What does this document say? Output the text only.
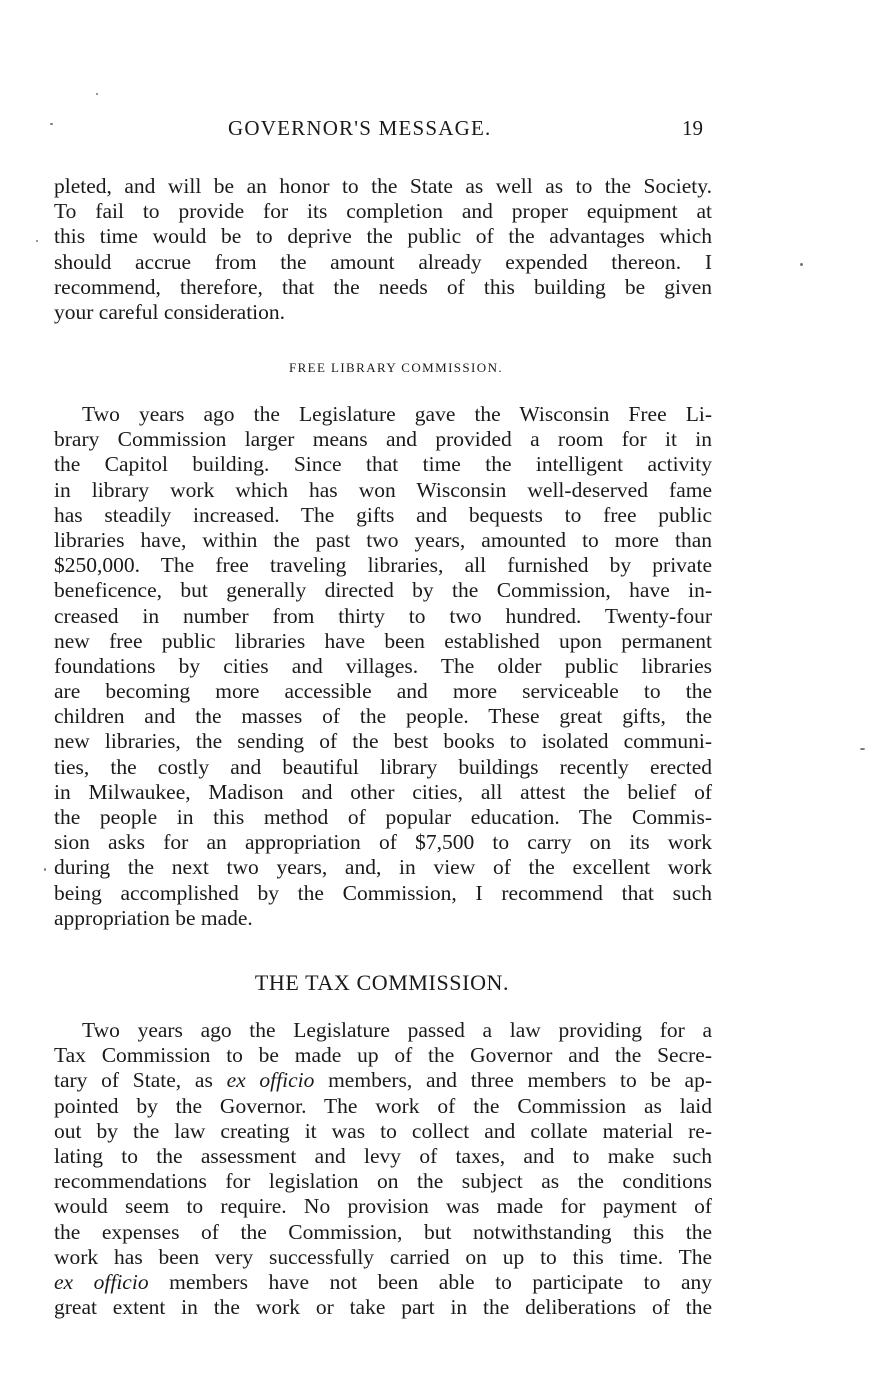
GOVERNOR'S MESSAGE.	19
pleted, and will be an honor to the State as well as to the Society.
To fail to provide for its completion and proper equipment at
this time would be to deprive the public of the advantages which
should accrue from the amount already expended thereon. I
recommend, therefore, that the needs of this building be given
your careful consideration.
FREE LIBRARY COMMISSION.
Two years ago the Legislature gave the Wisconsin Free Li-
brary Commission larger means and provided a room for it in
the Capitol building. Since that time the intelligent activity
in library work which has won Wisconsin well-deserved fame
has steadily increased. The gifts and bequests to free public
libraries have, within the past two years, amounted to more than
$250,000. The free traveling libraries, all furnished by private
beneficence, but generally directed by the Commission, have in-
creased in number from thirty to two hundred. Twenty-four
new free public libraries have been established upon permanent
foundations by cities and villages. The older public libraries
are becoming more accessible and more serviceable to the
children and the masses of the people. These great gifts, the
new libraries, the sending of the best books to isolated communi-
ties, the costly and beautiful library buildings recently erected
in Milwaukee, Madison and other cities, all attest the belief of
the people in this method of popular education. The Commis-
sion asks for an appropriation of $7,500 to carry on its work
during the next two years, and, in view of the excellent work
being accomplished by the Commission, I recommend that such
appropriation be made.
THE TAX COMMISSION.
Two years ago the Legislature passed a law providing for a
Tax Commission to be made up of the Governor and the Secre-
tary of State, as ex officio members, and three members to be ap-
pointed by the Governor. The work of the Commission as laid
out by the law creating it was to collect and collate material re-
lating to the assessment and levy of taxes, and to make such
recommendations for legislation on the subject as the conditions
would seem to require. No provision was made for payment of
the expenses of the Commission, but notwithstanding this the
work has been very successfully carried on up to this time. The
ex officio members have not been able to participate to any
great extent in the work or take part in the deliberations of the
